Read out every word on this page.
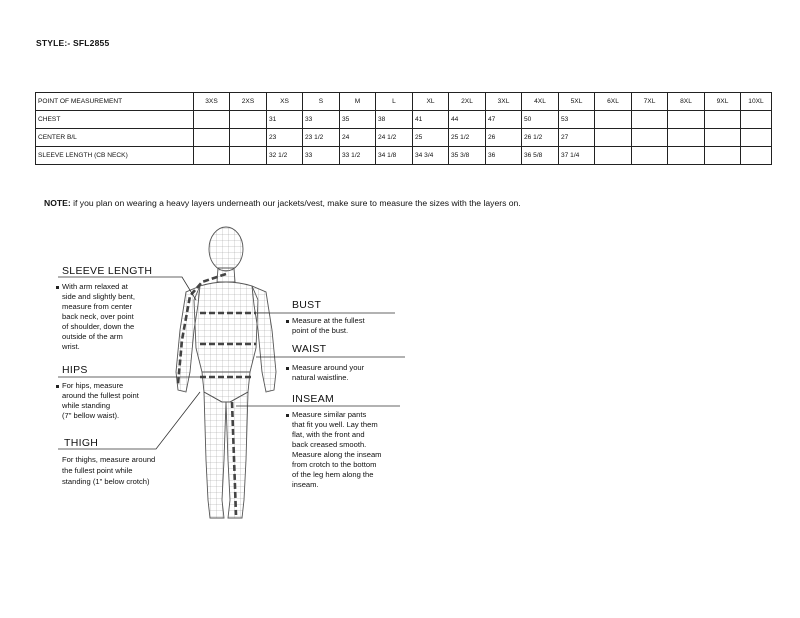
STYLE:- SFL2855
POINT OF MEASUREMENT	3XS	2XS	XS	S	M	L	XL	2XL	3XL	4XL	5XL	6XL	7XL	8XL	9XL	10XL
CHEST			31	33	35	38	41	44	47	50	53					
CENTER B/L			23	23 1/2	24	24 1/2	25	25 1/2	26	26 1/2	27					
SLEEVE LENGTH (CB NECK)			32 1/2	33	33 1/2	34 1/8	34 3/4	35 3/8	36	36 5/8	37 1/4					
NOTE: if you plan on wearing a heavy layers underneath our jackets/vest, make sure to measure the sizes with the layers on.
SLEEVE LENGTH
With arm relaxed at
side and slightly bent,
measure from center
back neck, over point
of shoulder, down the
outside of the arm
wrist.
HIPS
For hips, measure
around the fullest point
while standing
(7" bellow waist).
THIGH
For thighs, measure around
the fullest point while
standing (1" below crotch)
BUST
Measure at the fullest
point of the bust.
WAIST
Measure around your
natural waistline.
INSEAM
Measure similar pants
that fit you well. Lay them
flat, with the front and
back creased smooth.
Measure along the inseam
from crotch to the bottom
of the leg hem along the
inseam.
